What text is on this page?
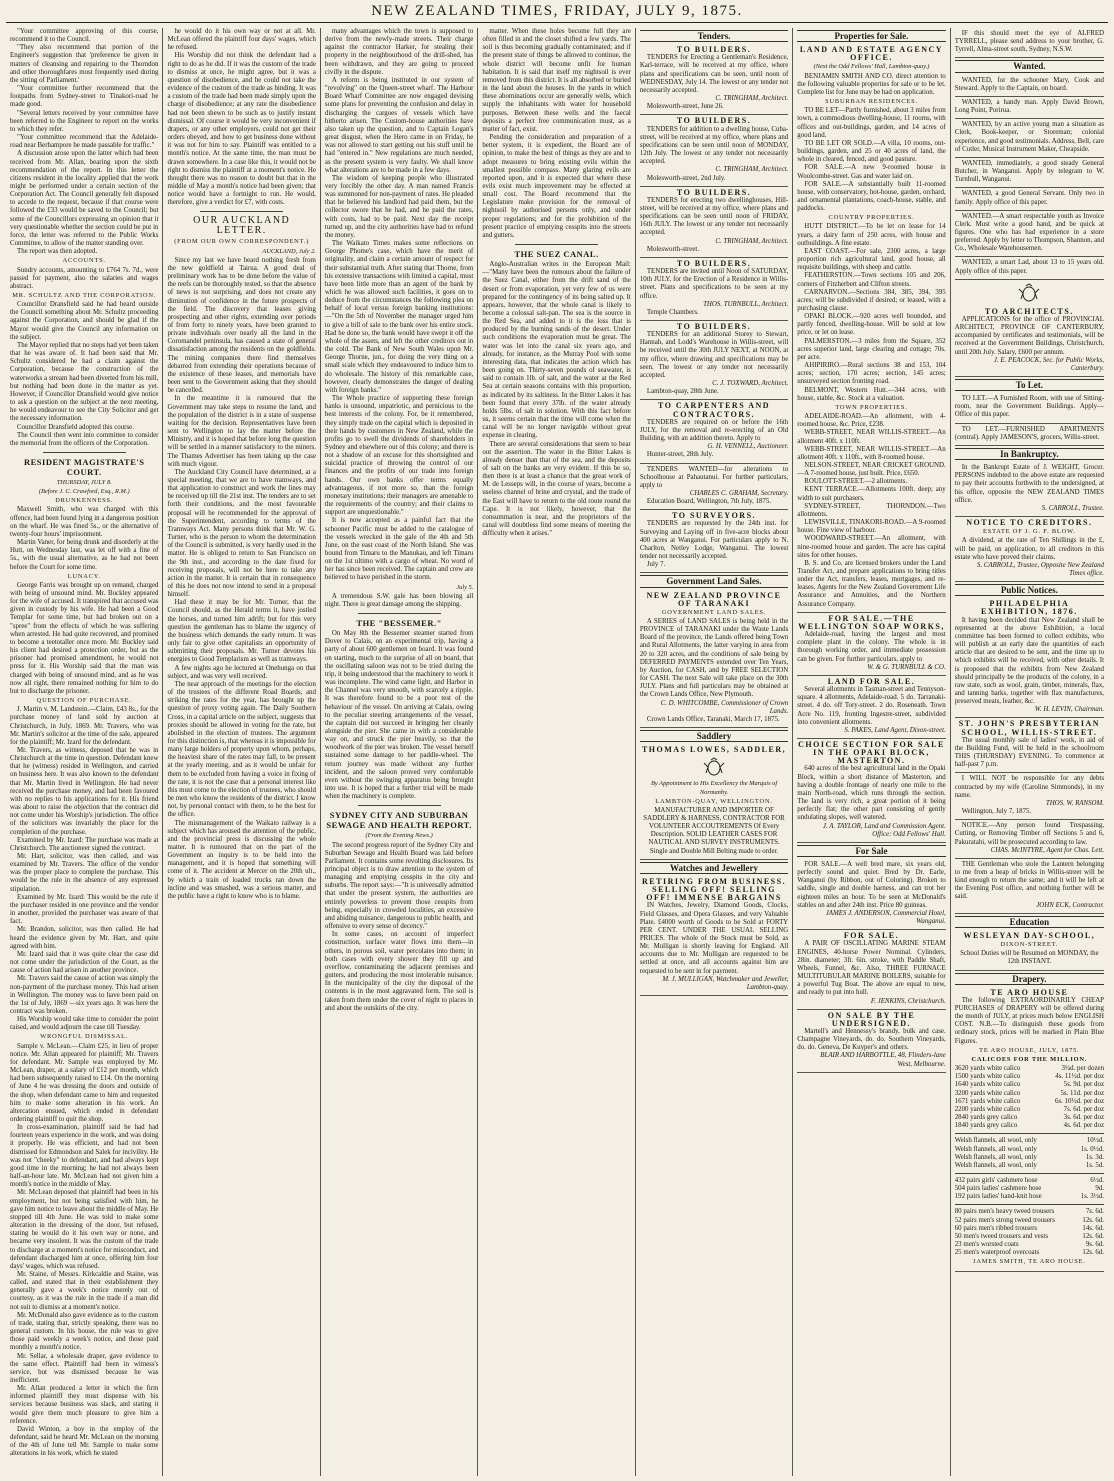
NEW ZEALAND TIMES, FRIDAY, JULY 9, 1875.

"Your committee approving of this course, recommend it to the Council.

"They also recommend that portion of the Engineer's suggestion that 'preference be given in matters of cleansing and repairing to the Thorndon and other thoroughfares most frequently used during the sitting of Parliament.'

"Your committee further recommend that the footpaths from Sydney-street to Tinakori-road be made good.

"Several letters received by your committee have been referred to the Engineer to report on the works to which they refer.

"Your committee recommend that the Adelaide-road near Berhampore be made passable for traffic."

A discussion arose upon the latter which had been received from Mr. Allan, bearing upon the sixth recommendation of the report. In this letter the citizens resident in the locality applied that the work might be performed under a certain section of the Corporation Act. The Council generally felt disposed to accede to the request, because if that course were followed the £33 would be saved to the Council; but some of the Councillors expressing an opinion that it very questionable whether the section could be put in force, the letter was referred to the Public Works Committee, to allow of the matter standing over.

The report was then adopted.

ACCOUNTS.

Sundry accounts, amounting to £764 7s. 7d., were passed for payment, also the salaries and wages abstract.

MR. SCHULTZ AND THE CORPORATION.

Councillor Dransfield said he had heard outside the Council something about Mr. Schultz proceeding against the Corporation, and should be glad if the Mayor would give the Council any information on the subject.

The Mayor replied that no steps had yet been taken that he was aware of. It had been said that Mr. Schultz considered he had a claim against the Corporation, because the construction of the waterworks a stream had been diverted from his mill, but nothing had been done in the matter as yet. However, if Councillor Dransfield would give notice to ask a question on the subject at the next meeting, he would endeavour to see the City Solicitor and get the necessary information.

Councillor Dransfield adopted this course.

The Council then went into committee to consider the memorial from the officers of the Corporation.

RESIDENT MAGISTRATE'S COURT.
THURSDAY, JULY 8.
(Before J. C. Crawford, Esq., R.M.)
DRUNKENNESS.

Maxwell Smith, who was charged with this offence, had been found lying in a dangerous position on the wharf. He was fined 5s., or the alternative of twenty-four hours' imprisonment.

Martin Vaner, for being drunk and disorderly at the Hutt, on Wednesday last, was let off with a fine of 5s., with the usual alternative, as he had not been before the Court for some time.

LUNACY.

George Farris was brought up on remand, charged with being of unsound mind. Mr. Buckley appeared for the wife of accused. It transpired that accused was given in custody by his wife. He had been a Good Templar for some time, but had broken out on a "spree" from the effects of which he was suffering when arrested. He had quite recovered, and promised to become a teetotaller once more. Mr. Buckley said his client had desired a protection order, but as the prisoner had promised amendment, he would not press for it. His Worship said that the man was charged with being of unsound mind, and as he was now all right, there remained nothing for him to do but to discharge the prisoner.

QUESTION OF PURCHASE.

J. Martin v. M. Landstein.—Claim, £43 8s., for the purchase money of land sold by auction at Christchurch, in July, 1869. Mr. Travers, who was Mr. Martin's solicitor at the time of the sale, appeared for the plaintiff; Mr. Izard for the defendant.

Mr. Travers, as witness, deposed that he was in Christchurch at the time in question. Defendant knew that he (witness) resided in Wellington, and carried on business here. It was also known to the defendant that Mr. Martin lived in Wellington. He had never received the purchase money, and had been favoured with no replies to his applications for it. His friend was about to raise the objection that the contract did not come under his Worship's jurisdiction. The office of the solicitors was invariably the place for the completion of the purchase.

Examined by Mr. Izard: The purchase was made at Christchurch. The auctioneer signed the contract.

Mr. Hart, solicitor, was then called, and was examined by Mr. Travers. The office of the vendor was the proper place to complete the purchase. This would be the rule in the absence of any expressed stipulation.

Examined by Mr. Izard: This would be the rule if the purchaser resided in one province and the vendor in another, provided the purchaser was aware of that fact.

Mr. Brandon, solicitor, was then called. He had heard the evidence given by Mr. Hart, and quite agreed with him.

Mr. Izard said that it was quite clear the case did not come under the jurisdiction of the Court, as the cause of action had arisen in another province.

Mr. Travers said the cause of action was simply the non-payment of the purchase money. This had arisen in Wellington. The money was to have been paid on the 1st of July, 1869 —six years ago. It was here the contract was broken.

His Worship would take time to consider the point raised, and would adjourn the case till Tuesday.

WRONGFUL DISMISSAL.

Sample v. McLean.—Claim £25, in lieu of proper notice. Mr. Allan appeared for plaintiff; Mr. Travers for defendant. Mr. Sample was employed by Mr. McLean, draper, at a salary of £12 per month, which had been subsequently raised to £14. On the morning of June 4 he was dressing the doors and outside of the shop, when defendant came to him and requested him to make some alteration in his work. An altercation ensued, which ended in defendant ordering plaintiff to quit the shop.

In cross-examination, plaintiff said he had had fourteen years experience in the work, and was doing it properly. He was efficient, and had not been dismissed for Edmondson and Salek for incivility. He was not "cheeky" to defendant, and had always kept good time in the morning; he had not always been half-an-hour late. Mr. McLean had not given him a month's notice in the middle of May.

Mr. McLean deposed that plaintiff had been in his employment, but not being satisfied with him, he gave him notice to leave about the middle of May. He stopped till 4th June. He was told to make some alteration in the dressing of the door, but refused, stating he would do it his own way or none, and became very insolent. It was the custom of the trade to discharge at a moment's notice for misconduct, and defendant discharged him at once, offering him four days' wages, which was refused.

Mr. Staine, of Messrs. Kirkcaldie and Staine, was called, and stated that in their establishment they generally gave a week's notice merely out of courtesy, as it was the rule in the trade if a man did not suit to dismiss at a moment's notice.

Mr. McDonald also gave evidence as to the custom of trade, stating that, strictly speaking, there was no general custom. In his house, the rule was to give those paid weekly a week's notice, and those paid monthly a month's notice.

Mr. Sellar, a wholesale draper, gave evidence to the same effect. Plaintiff had been in witness's service, but was dismissed because he was inefficient.

Mr. Allan produced a letter in which the firm informed plaintiff they must dispense with his services because business was slack, and stating it would give them much pleasure to give him a reference.

David Winton, a boy in the employ of the defendant, said he heard Mr. McLean on the morning of the 4th of June tell Mr. Sample to make some alterations in his work, which he stated

he would do it his own way or not at all. Mr. McLean offered the plaintiff four days' wages, which he refused.

His Worship did not think the defendant had a right to do as he did. If it was the custom of the trade to dismiss at once, he might agree, but it was a question of disobedience, and he could not take the evidence of the custom of the trade as binding. It was a custom of the trade had been made simply upon the charge of disobedience; at any rate the disobedience had not been shewn to be such as to justify instant dismissal. Of course it would be very inconvenient if drapers, or any other employers, could not get their orders obeyed, and how to get business done without it was not for him to say. Plaintiff was entitled to a month's notice. At the same time, the man must be drawn somewhere. In a case like this, it would not be right to dismiss the plaintiff at a moment's notice. He thought there was no reason to doubt but that in the middle of May a month's notice had been given; that notice would have a fortnight to run. He would, therefore, give a verdict for £7, with costs.

OUR AUCKLAND LETTER.
(FROM OUR OWN CORRESPONDENT.)
AUCKLAND, July 2.

Since my last we have heard nothing fresh from the new goldfield at Tairua. A good deal of preliminary work has to be done before the value of the reefs can be thoroughly tested, so that the absence of news is not surprising, and does not create any diminution of confidence in the future prospects of the field. The discovery that leases giving prospecting and other rights, extending over periods of from forty to ninety years, have been granted to private individuals over nearly all the land in the Coromandel peninsula, has caused a state of general dissatisfaction among the residents on the goldfields. The mining companies there find themselves debarred from extending their operations because of the existence of these leases, and memorials have been sent to the Government asking that they should be cancelled.

In the meantime it is rumoured that the Government may take steps to resume the land, and the population of the district is in a state of suspense waiting for the decision. Representatives have been sent to Wellington to lay the matter before the Ministry, and it is hoped that before long the question will be settled in a manner satisfactory to the miners. The Thames Advertiser has been taking up the case with much vigour.

The Auckland City Council have determined, at a special meeting, that we are to have tramways, and that application to construct and work the lines may be received up till the 21st inst. The tenders are to set forth their conditions, and the most favourable proposal will be recommended for the approval of the Superintendent, according to terms of the Tramways Act. Many persons think that Mr. W. G. Turner, who is the person to whom the determination of the Council is submitted, is very hardly used in the matter. He is obliged to return to San Francisco on the 9th inst., and according to the date fixed for receiving proposals, will not be here to take any action in the matter. It is certain that in consequence of this he does not now intend to send in a proposal himself.

Had these it may be for Mr. Turner, that the Council should, as the Herald terms it, have jostled the horses, and turned him adrift; but for this very question the gentleman has to blame the urgency of the business which demands the early return. It was only fair to give other capitalists an opportunity of submitting their proposals. Mr. Turner devotes his energies to Good Templarism as well as tramways.

A few nights ago he lectured at Onehunga on that subject, and was very well received.

The near approach of the meetings for the election of the trustees of the different Road Boards, and striking the rates for the year, has brought up the question of proxy voting again. The Daily Southern Cross, in a capital article on the subject, suggests that proxies should be allowed in voting for the rate, but abolished in the election of trustees. The argument for this distinction is, that whereas it is impossible for many large holders of property upon whom, perhaps, the heaviest share of the rates may fall, to be present at the yearly meeting, and as it would be unfair for them to be excluded from having a voice in fixing of the rate, it is not the case that a personal interest like this must come to the election of trustees, who should be men who know the residents of the district. I know not, by personal contact with them, to be the best for the office.

The mismanagement of the Waikato railway is a subject which has aroused the attention of the public, and the provincial press is discussing the whole matter. It is rumoured that on the part of the Government an inquiry is to be held into the management, and it is hoped that something will come of it. The accident at Mercer on the 20th ult., by which a train of loaded trucks ran down the incline and was smashed, was a serious matter, and the public have a right to know who is to blame.

many advantages which the town is supposed to derive from the newly-made streets. Their charge against the contractor Harker, for stealing their property in the neighbourhood of the drill-shed, has been withdrawn, and they are going to proceed civilly in the dispute.

A reform is being instituted in our system of "revolving" on the Queen-street wharf. The Harbour Board Wharf Committee are now engaged devising some plans for preventing the confusion and delay in discharging the cargoes of vessels which have hitherto arisen. The Custom-house authorities have also taken up the question, and to Captain Logan's great disgust, when the Hero came in on Friday, he was not allowed to start getting out his stuff until he had "entered in." New regulations are much needed, as the present system is very faulty. We shall know what alterations are to be made in a few days.

The wisdom of keeping people who illustrated very forcibly the other day. A man named Francis was summoned for non-payment of rates. He pleaded that he believed his landlord had paid them, but the collector swore that he had, and he paid the rates, with costs, had to be paid. Next day the receipt turned up, and the city authorities have had to refund the money.

The Waikato Times makes some reflections on George Phome's case, which have the merit of originality, and claim a certain amount of respect for their substantial truth. After stating that Thorne, from his extensive transactions with limited a capital, must have been little more than an agent of the bank by which he was allowed such facilities, it goes on to deduce from the circumstances the following plea on behalf of local versus foreign banking institutions:—"On the 5th of November the manager urged him to give a bill of sale to the bank over his entire stock. Had he done so, the bank would have swept it off the whole of the assets, and left the other creditors out in the cold. The Bank of New South Wales upon Mr. George Thorne, jun., for doing the very thing on a small scale which they endeavoured to induce him to do wholesale. The history of this remarkable case, however, clearly demonstrates the danger of dealing with foreign banks."

The Whole practice of supporting these foreign banks is unsound, unpatriotic, and pernicious to the best interests of the colony. For, be it remembered, they simply trade on the capital which is deposited in their hands by customers in New Zealand, while the profits go to swell the dividends of shareholders in Sydney and elsewhere out of this colony; and there is not a shadow of an excuse for this shortsighted and suicidal practice of throwing the control of our finances and the profits of our trade into foreign hands. Our own banks offer terms equally advantageous, if not more so, than the foreign monetary institutions; their managers are amenable to the requirements of the country; and their claims to support are unquestionable."

It is now accepted as a painful fact that the schooner Pacific must be added to the catalogue of the vessels wrecked in the gale of the 4th and 5th June, on the east coast of the North Island. She was bound from Timaru to the Manukau, and left Timaru on the 1st ultimo with a cargo of wheat. No word of her has since been received. The captain and crew are believed to have perished in the storm.

July 5.

A tremendous S.W. gale has been blowing all night. There is great damage among the shipping.

THE "BESSEMER."

On May 8th the Bessemer steamer started from Dover to Calais, on an experimental trip, having a party of about 600 gentlemen on board. It was found on starting, much to the surprise of all on board, that the oscillating saloon was not to be tried during the trip, it being understood that the machinery to work it was incomplete. The wind came light, and Harbor in the Channel was very smooth, with scarcely a ripple. It was therefore found to be a poor test of the behaviour of the vessel. On arriving at Calais, owing to the peculiar steering arrangements of the vessel, the captain did not succeed in bringing her cleanly alongside the pier. She came in with a considerable way on, and struck the pier heavily, so that the woodwork of the pier was broken. The vessel herself sustained some damage to her paddle-wheel. The return journey was made without any further incident, and the saloon proved very comfortable even without the swinging apparatus being brought into use. It is hoped that a further trial will be made when the machinery is complete.

SYDNEY CITY AND SUBURBAN SEWAGE AND HEALTH REPORT.
(From the Evening News.)

The second progress report of the Sydney City and Suburban Sewage and Health Board was laid before Parliament. It contains some revolting disclosures. Its principal object is to draw attention to the system of managing and emptying cesspits in the city and suburbs. The report says:—"It is universally admitted that under the present system, the authorities are entirely powerless to prevent those cesspits from being, especially in crowded localities, an excessive and abiding nuisance, dangerous to public health, and offensive to every sense of decency."

In some cases, on account of imperfect construction, surface water flows into them—in others, in porous soil, water percolates into them; in both cases with every shower they fill up and overflow, contaminating the adjacent premises and gutters, and producing the most intolerable nuisance. In the municipality of the city the disposal of the contents is in the most aggravated form. The soil is taken from them under the cover of night to places in and about the outskirts of the city.

matter. When these holes become full they are often filled in and the closet shifted a few yards. The soil is thus becoming gradually contaminated; and if the present state of things be allowed to continue, the whole district will become unfit for human habitation. It is said that itself my nightsoil is ever removed from this district. It is all absorbed or buried in the land about the houses. In the yards in which these abominations occur are generally wells, which supply the inhabitants with water for household purposes. Between these wells and the faecal deposits a perfect free communication must, as a matter of fact, exist.

Pending the consideration and preparation of a better system, it is expedient, the Board are of opinion, to make the best of things as they are and to adopt measures to bring existing evils within the smallest possible compass. Many glaring evils are reported upon, and it is expected that where these evils exist much improvement may be effected at small cost. The Board recommend that the Legislature make provision for the removal of nightsoil by authorised persons only, and under proper regulations; and for the prohibition of the present practice of emptying cesspits into the streets and gutters.

THE SUEZ CANAL.

Anglo-Australian writes in the European Mail:—"Many have been the rumours about the failure of the Suez Canal, either from the drift sand of the desert or from evaporation, yet very few of us were prepared for the contingency of its being salted up. It appears, however, that the whole canal is likely to become a colossal salt-pan. The sea is the source in the Red Sea, and added to it is the loss that is produced by the burning sands of the desert. Under such conditions the evaporation must be great. The water was let into the canal six years ago, and already, for instance, as the Murray Pool with some interesting data, that indicates the action which has been going on. Thirty-seven pounds of seawater, is said to contain 1lb. of salt, and the water at the Red Sea at certain seasons contains with this proportion, as indicated by its saltiness. In the Bitter Lakes it has been found that every 37lb. of the water already holds 5lbs. of salt in solution. With this fact before us, it seems certain that the time will come when the canal will be no longer navigable without great expense in clearing.

There are several considerations that seem to bear out the assertion. The water in the Bitter Lakes is already denser than that of the sea, and the deposits of salt on the banks are very evident. If this be so, then there is at least a chance that the great work of M. de Lesseps will, in the course of years, become a useless channel of brine and crystal, and the trade of the East will have to return to the old route round the Cape. It is not likely, however, that the consummation is near, and the proprietors of the canal will doubtless find some means of meeting the difficulty when it arises."

Tenders.
TO BUILDERS.

TENDERS for Erecting a Gentleman's Residence, Karl-terrace, will be received at my office, where plans and specifications can be seen, until noon of WEDNESDAY, July 14. The lowest or any tender not necessarily accepted.

C. TRINGHAM, Architect.

Molesworth-street, June 26.

TO BUILDERS.

TENDERS for addition to a dwelling house, Cuba-street, will be received at my office, where plans and specifications can be seen until noon of MONDAY, 12th July. The lowest or any tender not necessarily accepted.

C. TRINGHAM, Architect.

Molesworth-street, 2nd July.

TO BUILDERS.

TENDERS for erecting two dwellinghouses, Hill-street, will be received at my office, where plans and specifications can be seen until noon of FRIDAY, 16th JULY. The lowest or any tender not necessarily accepted.

C. TRINGHAM, Architect.

Molesworth-street.

TO BUILDERS.

TENDERS are invited until Noon of SATURDAY, 10th JULY, for the Erection of a Residence in Willis-street. Plans and specifications to be seen at my office.

THOS. TURNBULL, Architect.

Temple Chambers.

TO BUILDERS.

TENDERS for an additional Storey to Stewart, Hannah, and Lodd's Warehouse in Willis-street, will be received until the 30th JULY NEXT, at NOON, at my office, where drawing and specifications may be seen. The lowest or any tender not necessarily accepted.

C. J. TOXWARD, Architect.

Lambton-quay, 28th June.

TO CARPENTERS AND CONTRACTORS.

TENDERS are required on or before the 16th JULY, for the removal and re-erecting of an Old Building, with an addition thereto. Apply to

G. H. VENNELL, Auctioneer.

Hunter-street, 28th July.

TENDERS WANTED—for alterations to Schoolhouse at Pahautanui. For further particulars, apply to

CHARLES C. GRAHAM, Secretary.

Education Board, Wellington, 7th July, 1875.

TO SURVEYORS.

TENDERS are requested by the 24th inst. for Surveying and Laying off in five-acre blocks about 400 acres at Wanganui. For particulars apply to N. Charlton, Netley Lodge, Wanganui. The lowest tender not necessarily accepted.

July 7.

Government Land Sales.
NEW ZEALAND PROVINCE OF TARANAKI
GOVERNMENT LAND SALES.

A SERIES of LAND SALES is being held in the PROVINCE of TARANAKI under the Waste Lands Board of the province, the Lands offered being Town and Rural Allotments, the latter varying in area from 20 to 320 acres, and the conditions of sale being by DEFERRED PAYMENTS extended over Ten Years, by Auction, for CASH, and by FREE SELECTION for CASH. The next Sale will take place on the 30th JULY. Plans and full particulars may be obtained at the Crown Lands Office, New Plymouth.

C. D. WHITCOMBE, Commissioner of Crown Lands.

Crown Lands Office, Taranaki, March 17, 1875.

Saddlery
THOMAS LOWES, SADDLER,
By Appointment to His Excellency the Marquis of Normanby.
LAMBTON-QUAY, WELLINGTON.

MANUFACTURER AND IMPORTER OF SADDLERY & HARNESS, CONTRACTOR FOR VOLUNTEER ACCOUTREMENTS Of Every Description. SOLID LEATHER CASES FOR NAUTICAL AND SURVEY INSTRUMENTS. Single and Double Mill Belting made to order.

Watches and Jewellery
RETIRING FROM BUSINESS. SELLING OFF! SELLING OFF! IMMENSE BARGAINS

IN Watches, Jewelry, Diamond Goods, Clocks, Field Glasses, and Opera Glasses, and very Valuable Plate. £4000 worth of Goods to be Sold at FORTY PER CENT. UNDER THE USUAL SELLING PRICES. The whole of the Stock must be Sold, as Mr. Mulligan is shortly leaving for England. All accounts due to Mr. Mulligan are requested to be settled at once, and all accounts against him are requested to be sent in for payment.

M. J. MULLIGAN, Watchmaker and Jeweller, Lambton-quay.

Properties for Sale.
LAND AND ESTATE AGENCY OFFICE.
(Next the Odd Fellows' Hall, Lambton-quay.)

BENJAMIN SMITH AND CO. direct attention to the following valuable properties for sale or to be let. Complete list for June may be had on application.

SUBURBAN RESIDENCES.

TO BE LET—Partly furnished, about 3 miles from town, a commodious dwelling-house, 11 rooms, with offices and out-buildings, garden, and 14 acres of good land.

TO BE LET OR SOLD.—A villa, 10 rooms, out-buildings, garden, and 25 or 40 acres of land, the whole in cleared, fenced, and good pasture.

FOR SALE.—A new 9-roomed house in Woolcombe-street. Gas and water laid on.

FOR SALE.—A substantially built 11-roomed house, with conservatory, hot-house, garden, orchard, and ornamental plantations, coach-house, stable, and paddocks.

COUNTRY PROPERTIES.

HUTT DISTRICT.—To be let on lease for 14 years, a dairy farm of 250 acres, with house and outbuildings. A fine estate.

EAST COAST.—For sale, 2300 acres, a large proportion rich agricultural land, good house, all requisite buildings, with sheep and cattle.

FEATHERSTON.—Town sections 105 and 206, corners of Fitzherbert and Clifton streets.

CARNARVON.—Sections 384, 385, 394, 395 acres; will be subdivided if desired; or leased, with a purchasing clause.

OPAKI BLOCK.—920 acres well bounded, and partly fenced, dwelling-house. Will be sold at low price, or let on lease.

PALMERSTON.—3 miles from the Square, 352 acres superior land, large clearing and cottage; 70s. per acre.

AHIPIRIRO.—Rural sections 38 and 153, 104 acres; section, 170 acres; section, 145 acres; unsurveyed section fronting road.

BELMONT, Western Hutt.—344 acres, with house, stable, &c. Stock at a valuation.

TOWN PROPERTIES.

ADELAIDE-ROAD.—An allotment, with 4-roomed house, &c. Price, £238.

WEBB-STREET, NEAR WILLIS-STREET.—An allotment 40ft. x 110ft.

WEBB-STREET, NEAR WILLIS-STREET.—An allotment 40ft. x 110ft., with 8-roomed house.

NELSON-STREET, NEAR CRICKET GROUND.—A 7-roomed house, just built. Price, £650.

ROULOTT-STREET.—2 allotments.

KENT TERRACE.—Allotments 100ft. deep; any width to suit purchasers.

SYDNEY-STREET, THORNDON.—Two allotments.

LEWISVILLE, TINAKORI-ROAD.—A 9-roomed house. Fine view of harbour.

WOODWARD-STREET.—An allotment, with nine-roomed house and garden. The acre has capital sites for other houses.

B. S. and Co. are licensed brokers under the Land Transfer Act, and prepare applications to bring titles under the Act, transfers, leases, mortgages, and re-leases. Agents for the New Zealand Government Life Assurance and Annuities, and the Northern Assurance Company.

FOR SALE.—THE WELLINGTON SOAP WORKS,

Adelaide-road, having the largest and most complete plant in the colony. The whole is in thorough working order, and immediate possession can be given. For further particulars, apply to

W. & G. TURNBULL & CO.

LAND FOR SALE.

Several allotments in Tasman-street and Tennyson-square. 4 allotments, Adelaide-road. 5 do. Tarranaki-street. 4 do. off Tory-street. 2 do. Roseneath. Town Acre No. 119, fronting Ingestre-street, subdivided into convenient allotments.

S. PAKES, Land Agent, Dixon-street.

CHOICE SECTION FOR SALE IN THE OPAKI BLOCK, MASTERTON.

640 acres of the best agricultural land in the Opaki Block, within a short distance of Masterton, and having a double frontage of nearly one mile to the main North-road, which runs through the section. The land is very rich, a great portion of it being perfectly flat; the other part consisting of gently undulating slopes, well watered.

J. A. TAYLOR, Land and Commission Agent. Office: Odd Fellows' Hall.

For Sale

FOR SALE.—A well bred mare, six years old, perfectly sound and quiet. Bred by Dr. Earle, Wanganui (by Ribbon, out of Coloring). Broken to saddle, single and double harness, and can trot her eighteen miles an hour. To be seen at McDonald's stables on and after 24th inst. Price 80 guineas.

JAMES J. ANDERSON, Commercial Hotel, Wanganui.

FOR SALE.

A PAIR OF OSCILLATING MARINE STEAM ENGINES, 40-horse Power Nominal. Cylinders, 28in. diameter; 3ft. 6in. stroke, with Paddle Shaft, Wheels, Funnel, &c. Also, THREE FURNACE MULTITUBULAR MARINE BOILERS, suitable for a powerful Tug Boat. The above are equal to new, and ready to put into hull.

F. JENKINS, Christchurch.

ON SALE BY THE UNDERSIGNED.

Martell's and Hennessy's brandy, bulk and case. Champagne Vineyards, do. do. Southern Vineyards, do. do. Geneva, De Kuyper's and others.

BLAIR AND HARBOTTLE, 48, Flinders-lane West, Melbourne.

IF this should meet the eye of ALFRED TYRRELL, please send address to your brother, G. Tyrrell, Alma-street south, Sydney, N.S.W.

Wanted.

WANTED, for the schooner Mary, Cook and Steward. Apply to the Captain, on board.

WANTED, a handy man. Apply David Brown, Long Point, Porirua.

WANTED, by an active young man a situation as Clerk, Book-keeper, or Storeman; colonial experience, and good testimonials. Address, Bell, care of Cutler, Musical Instrument Maker, Cheapside.

WANTED, immediately, a good steady General Butcher, in Wanganui. Apply by telegram to W. Turnbull, Wanganui.

WANTED, a good General Servant. Only two in family. Apply office of this paper.

WANTED.—A smart respectable youth as Invoice Clerk. Must write a good hand, and be quick at figures. One who has had experience in a store preferred. Apply by letter to Thompson, Shannon, and Co., Wholesale Warehousemen.

WANTED, a smart Lad, about 13 to 15 years old. Apply office of this paper.

TO ARCHITECTS.

APPLICATIONS for the office of PROVINCIAL ARCHITECT, PROVINCE OF CANTERBURY, accompanied by certificates and testimonials, will be received at the Government Buildings, Christchurch, until 20th July. Salary, £600 per annum.

J. E. PEACOCK, Sec. for Public Works, Canterbury.

To Let.

TO LET.—A Furnished Room, with use of Sitting-room, near the Government Buildings. Apply—Office of this paper.

TO LET.—FURNISHED APARTMENTS (central). Apply JAMESON'S, grocers, Willis-street.

In Bankruptcy.

In the Bankrupt Estate of J. WEIGHT, Grocer. PERSONS indebted to the above estate are requested to pay their accounts forthwith to the undersigned, at his office, opposite the NEW ZEALAND TIMES office.

S. CARROLL, Trustee.

NOTICE TO CREDITORS.
ESTATE OF J. G. F. BLOW.

A dividend, at the rate of Ten Shillings in the £, will be paid, on application, to all creditors in this estate who have proved their claims.

S. CARROLL, Trustee, Opposite New Zealand Times office.

Public Notices.
PHILADELPHIA EXHIBITION, 1876.

It having been decided that New Zealand shall be represented at the above Exhibition, a local committee has been formed to collect exhibits, who will publish at an early date the quantities of each article that are desired to be sent, and the time up to which exhibits will be received, with other details. It is proposed that the exhibits from New Zealand should principally be the products of the colony, in a raw state, such as wool, grain, timber, minerals, flax, and tanning barks, together with flax manufactures, preserved meats, leather, &c.

W. H. LEVIN, Chairman.

ST. JOHN'S PRESBYTERIAN SCHOOL, WILLIS-STREET.

The usual monthly sale of ladies' work, in aid of the Building Fund, will be held in the schoolroom THIS (THURSDAY) EVENING. To commence at half-past 7 p.m.

I WILL NOT be responsible for any debts contracted by my wife (Caroline Simmonds), in my name.

THOS. W. RANSOM.

Wellington, July 7, 1875.

NOTICE.—Any person found Trespassing, Cutting, or Removing Timber off Sections 5 and 6, Pakuratahi, will be prosecuted according to law.

CHAS. McINTYRE, Agent for Chas. Lett.

THE Gentleman who stole the Lantern belonging to me from a heap of bricks in Willis-street will be kind enough to return the same; and it will be left at the Evening Post office, and nothing further will be said.

JOHN ECK, Contractor.

Education
WESLEYAN DAY-SCHOOL,
DIXON-STREET.

School Duties will be Resumed on MONDAY, the 12th INSTANT.

Drapery.
TE ARO HOUSE

The following EXTRAORDINARILY CHEAP PURCHASES of DRAPERY will be offered during the month of JULY, at prices much below ENGLISH COST. N.B.—To distinguish these goods from ordinary stock, prices will be marked in Plain Blue Figures.

TE ARO HOUSE, JULY, 1875.
CALICOES FOR THE MILLION.
3620 yards white calico	3¼d. per dozen
1500 yards white calico	4s. 11½d. per doz
1640 yards white calico	5s. 9d. per doz
3200 yards white calico	5s. 11d. per doz
1671 yards white calico	6s. 10½d. per doz
2200 yards white calico	7s. 6d. per doz
2840 yards grey calico	3s. 6d. per doz
1840 yards grey calico	4s. 6d. per doz
Welsh flannels, all wool, only	10½d.
Welsh flannels, all wool, only	1s. 0½d.
Welsh flannels, all wool, only	1s. 3d.
Welsh flannels, all wool, only	1s. 5d.
432 pairs girls' cashmere hose	6½d.
504 pairs ladies' cashmere hose	9d.
192 pairs ladies' hand-knit hose	1s. 3½d.
80 pairs men's heavy tweed trousers	7s. 6d.
52 pairs men's strong tweed trousers	12s. 6d.
60 pairs men's ribbed trousers	14s. 6d.
50 men's tweed trousers and vests	12s. 6d.
23 men's worsted coats	9s. 6d.
25 men's waterproof overcoats	12s. 6d.
JAMES SMITH, TE ARO HOUSE.
